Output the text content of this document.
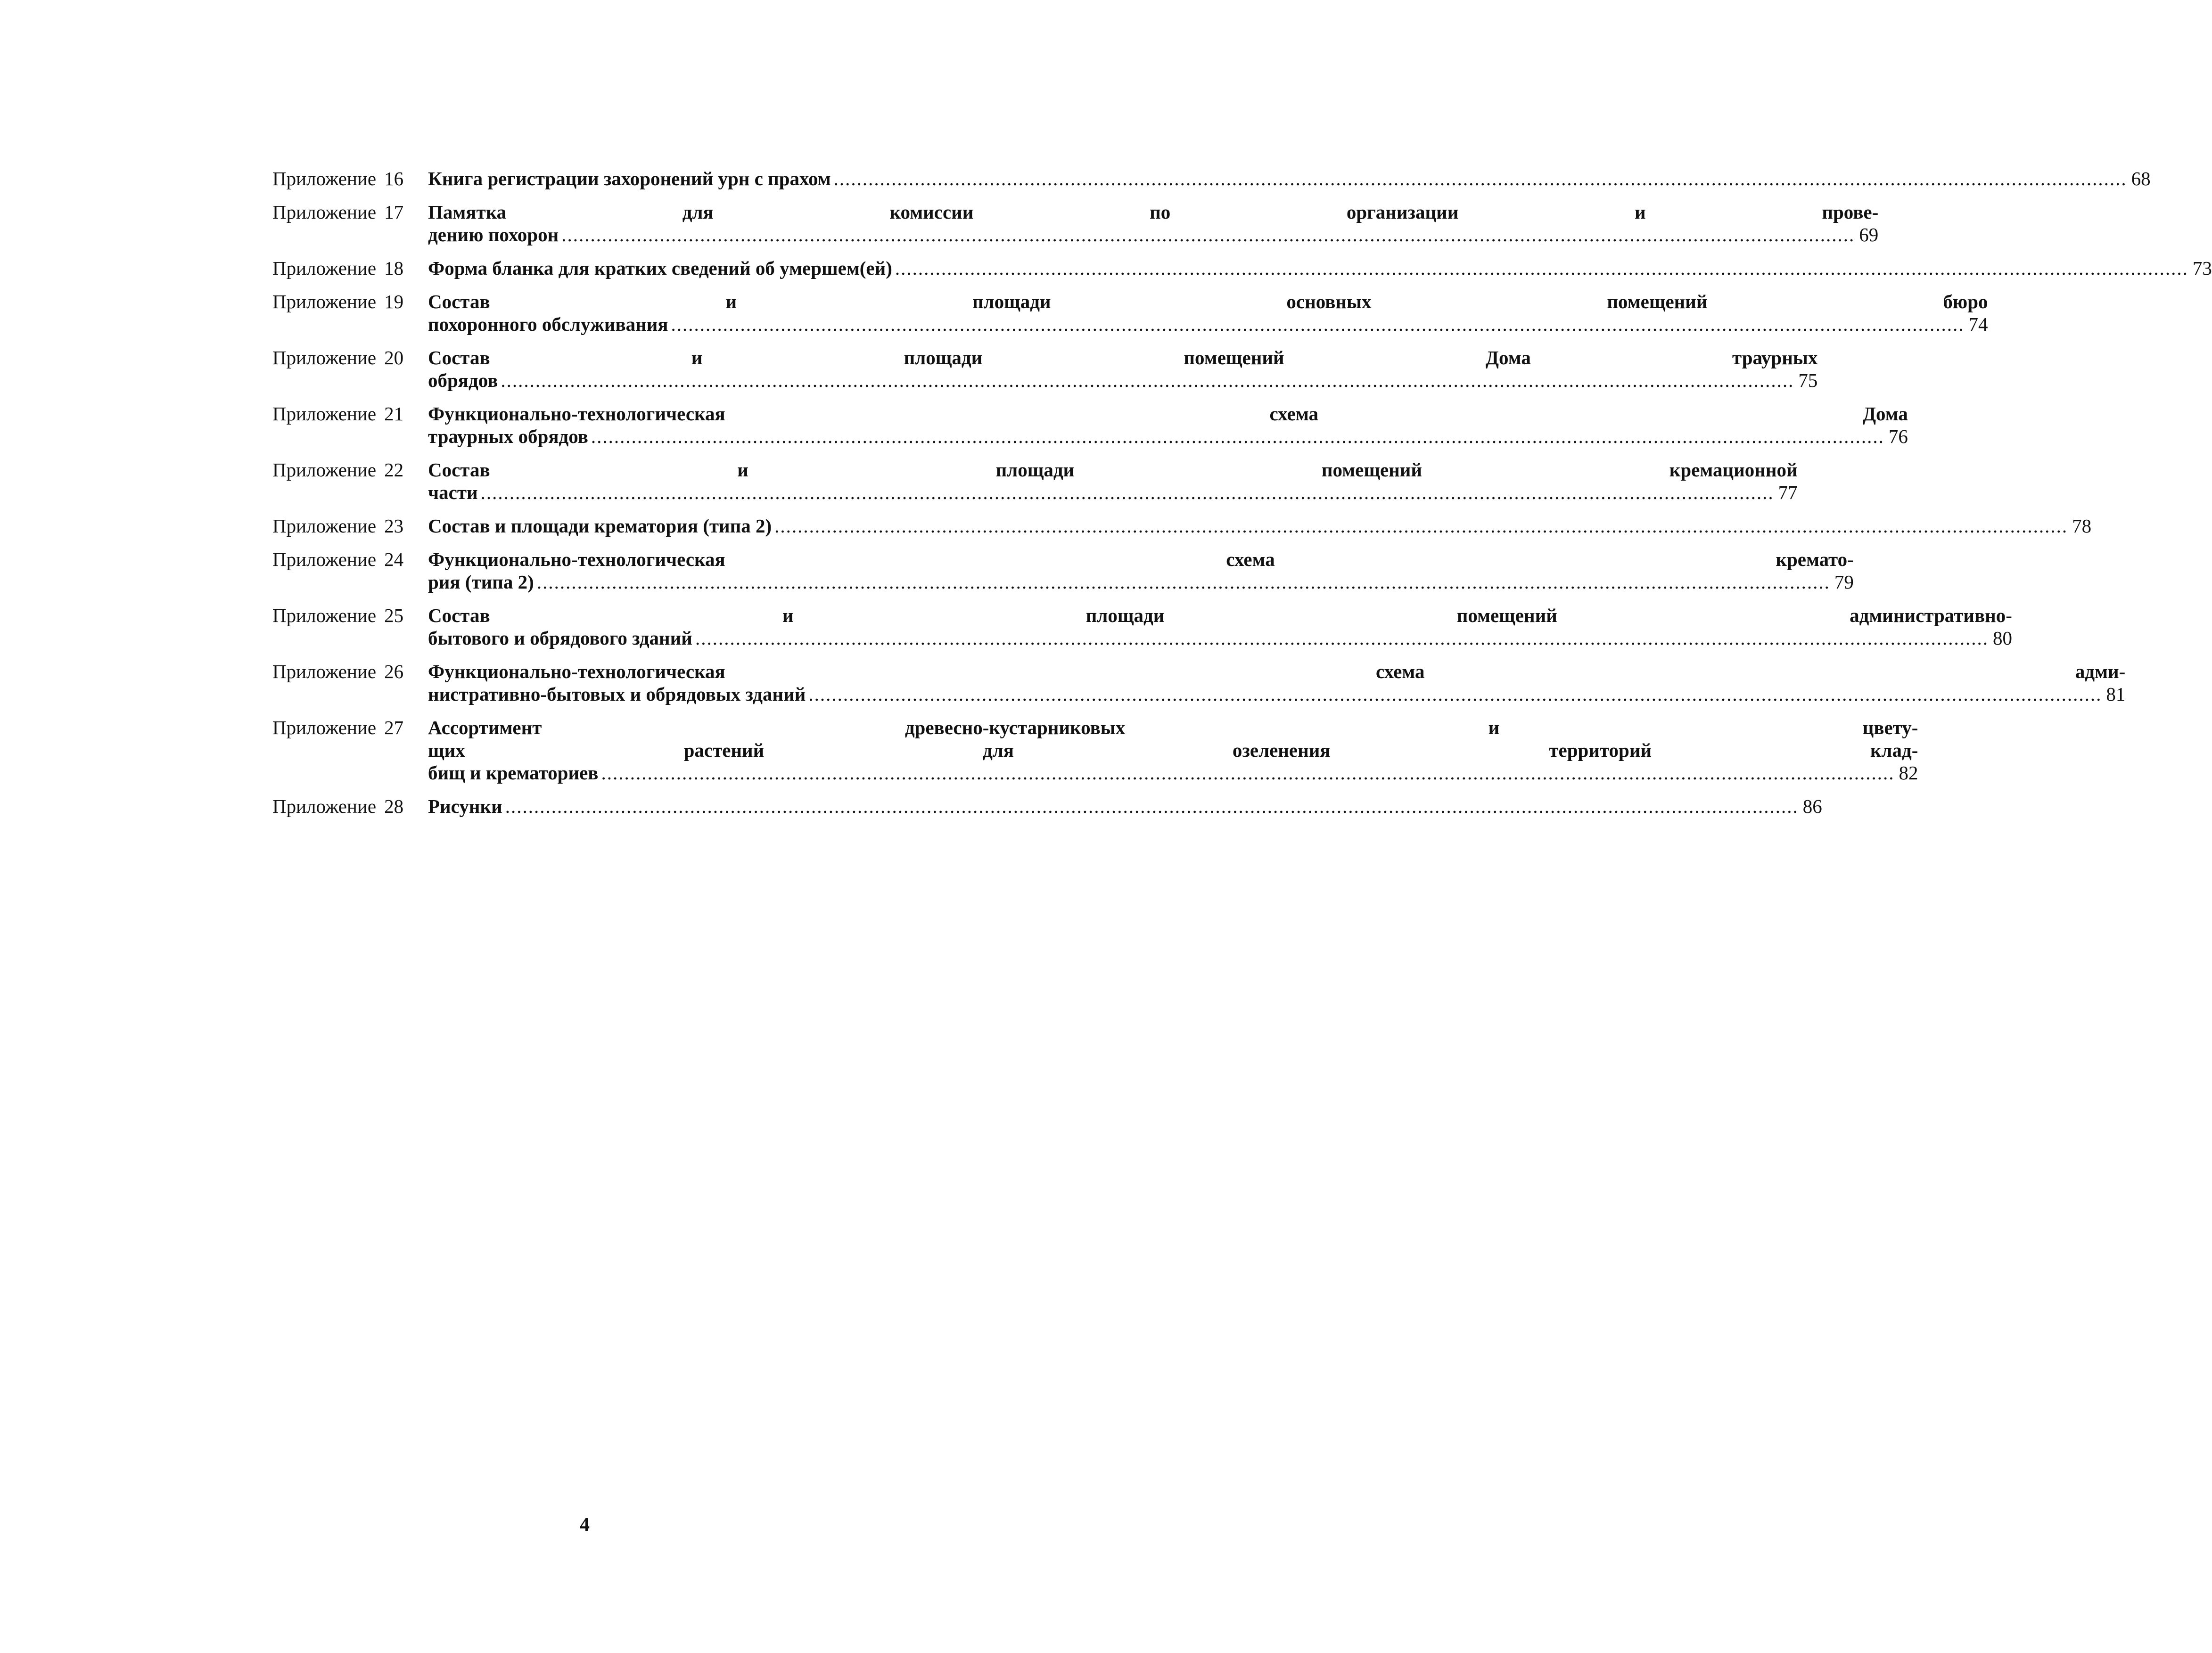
Приложение 16	Книга регистрации захоронений урн с прахом .....	68
Приложение 17	Памятка для комиссии по организации и прове-
дению похорон .....	69
Приложение 18	Форма бланка для кратких сведений об умершем(ей) .....	73
Приложение 19	Состав и площади основных помещений бюро
похоронного обслуживания .....	74
Приложение 20	Состав и площади помещений Дома траурных
обрядов .....	75
Приложение 21	Функционально-технологическая схема Дома
траурных обрядов .....	76
Приложение 22	Состав и площади помещений кремационной
части .....	77
Приложение 23	Состав и площади крематория (типа 2) .....	78
Приложение 24	Функционально-технологическая схема кремато-
рия (типа 2) .....	79
Приложение 25	Состав и площади помещений административно-
бытового и обрядового зданий .....	80
Приложение 26	Функционально-технологическая схема адми-
нистративно-бытовых и обрядовых зданий .....	81
Приложение 27	Ассортимент древесно-кустарниковых и цвету-
щих растений для озеленения территорий клад-
бищ и крематориев .....	82
Приложение 28	Рисунки .....	86
4
